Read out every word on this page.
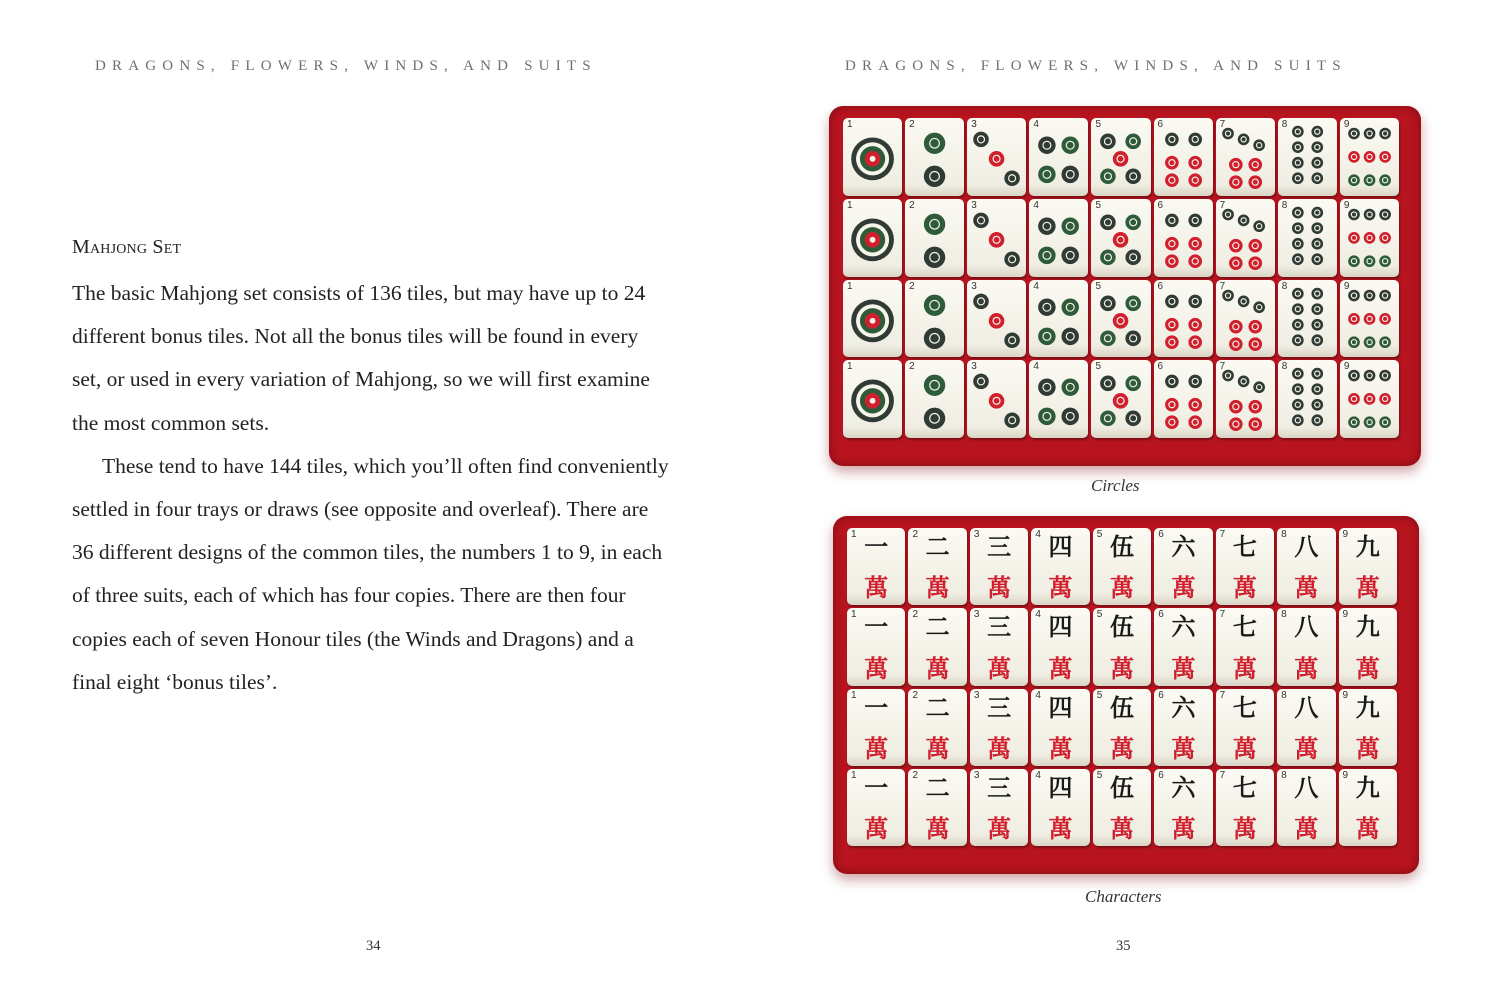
DRAGONS, FLOWERS, WINDS, AND SUITS
Mahjong Set

The basic Mahjong set consists of 136 tiles, but may have up to 24 different bonus tiles. Not all the bonus tiles will be found in every set, or used in every variation of Mahjong, so we will first examine the most common sets.

These tend to have 144 tiles, which you’ll often find conveniently settled in four trays or draws (see opposite and overleaf). There are 36 different designs of the common tiles, the numbers 1 to 9, in each of three suits, each of which has four copies. There are then four copies each of seven Honour tiles (the Winds and Dragons) and a final eight ‘bonus tiles’.

34
DRAGONS, FLOWERS, WINDS, AND SUITS
1	2	3	4	5	6	7	8	9
1	2	3	4	5	6	7	8	9
1	2	3	4	5	6	7	8	9
1	2	3	4	5	6	7	8	9
Circles
一
萬
1	二
萬
2	三
萬
3	四
萬
4	伍
萬
5	六
萬
6	七
萬
7	八
萬
8	九
萬
9
一
萬
1	二
萬
2	三
萬
3	四
萬
4	伍
萬
5	六
萬
6	七
萬
7	八
萬
8	九
萬
9
一
萬
1	二
萬
2	三
萬
3	四
萬
4	伍
萬
5	六
萬
6	七
萬
7	八
萬
8	九
萬
9
一
萬
1	二
萬
2	三
萬
3	四
萬
4	伍
萬
5	六
萬
6	七
萬
7	八
萬
8	九
萬
9
Characters
35
